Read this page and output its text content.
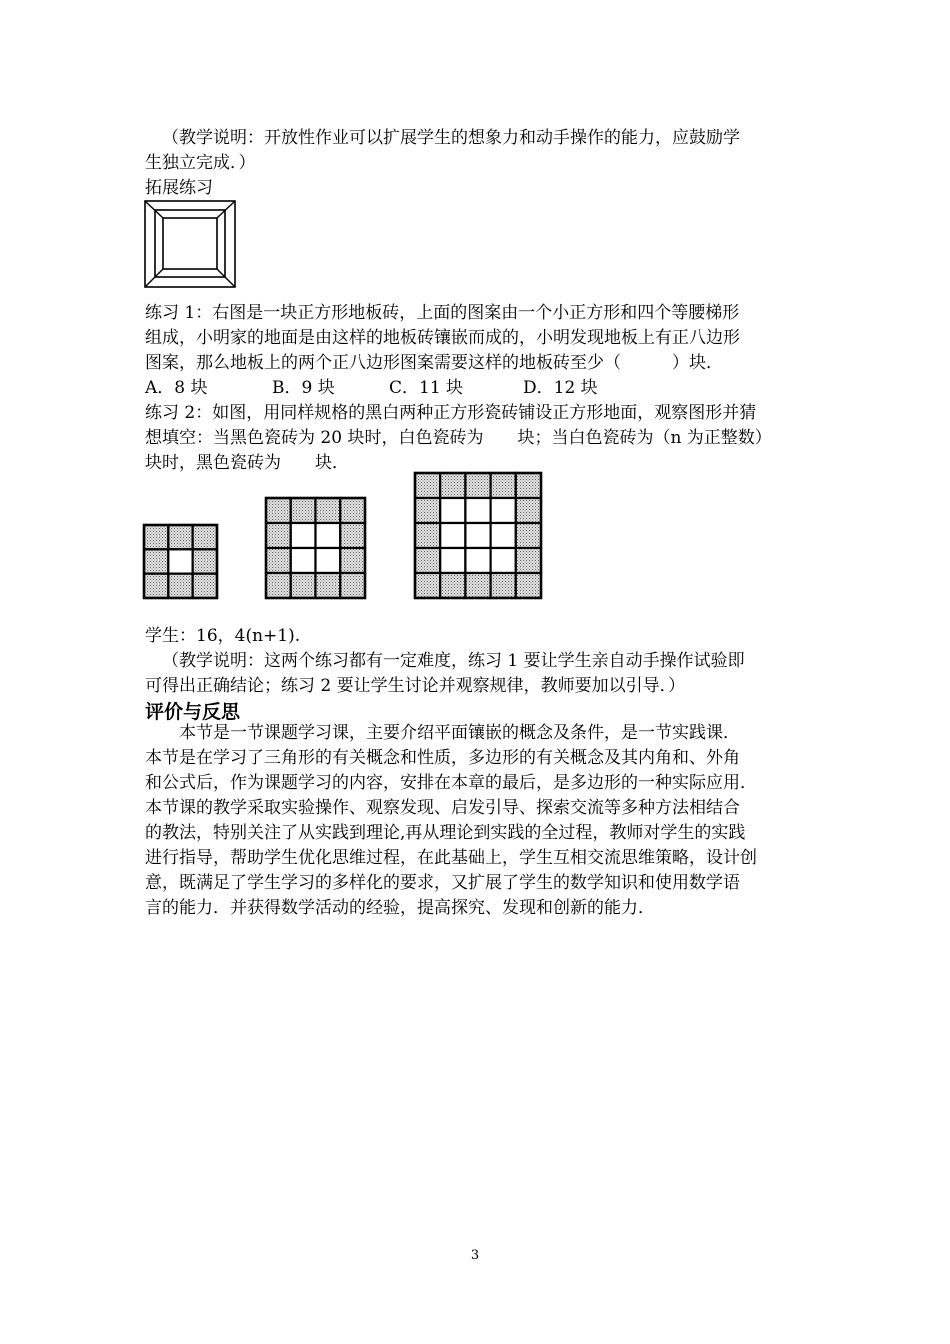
（教学说明：开放性作业可以扩展学生的想象力和动手操作的能力，应鼓励学
生独立完成．）
拓展练习
练习 1：右图是一块正方形地板砖，上面的图案由一个小正方形和四个等腰梯形
组成，小明家的地面是由这样的地板砖镶嵌而成的，小明发现地板上有正八边形
图案，那么地板上的两个正八边形图案需要这样的地板砖至少（　　　）块．
A．8 块	B．9 块	C．11 块	D．12 块
练习 2：如图，用同样规格的黑白两种正方形瓷砖铺设正方形地面，观察图形并猜
想填空：当黑色瓷砖为 20 块时，白色瓷砖为　　块；当白色瓷砖为（n 为正整数）
块时，黑色瓷砖为　　块．
学生：16，4(n+1).
（教学说明：这两个练习都有一定难度，练习 1 要让学生亲自动手操作试验即
可得出正确结论；练习 2 要让学生讨论并观察规律，教师要加以引导．）
评价与反思
本节是一节课题学习课，主要介绍平面镶嵌的概念及条件，是一节实践课．
本节是在学习了三角形的有关概念和性质，多边形的有关概念及其内角和、外角
和公式后，作为课题学习的内容，安排在本章的最后，是多边形的一种实际应用．
本节课的教学采取实验操作、观察发现、启发引导、探索交流等多种方法相结合
的教法，特别关注了从实践到理论,再从理论到实践的全过程，教师对学生的实践
进行指导，帮助学生优化思维过程，在此基础上，学生互相交流思维策略，设计创
意，既满足了学生学习的多样化的要求，又扩展了学生的数学知识和使用数学语
言的能力．并获得数学活动的经验，提高探究、发现和创新的能力．
3
